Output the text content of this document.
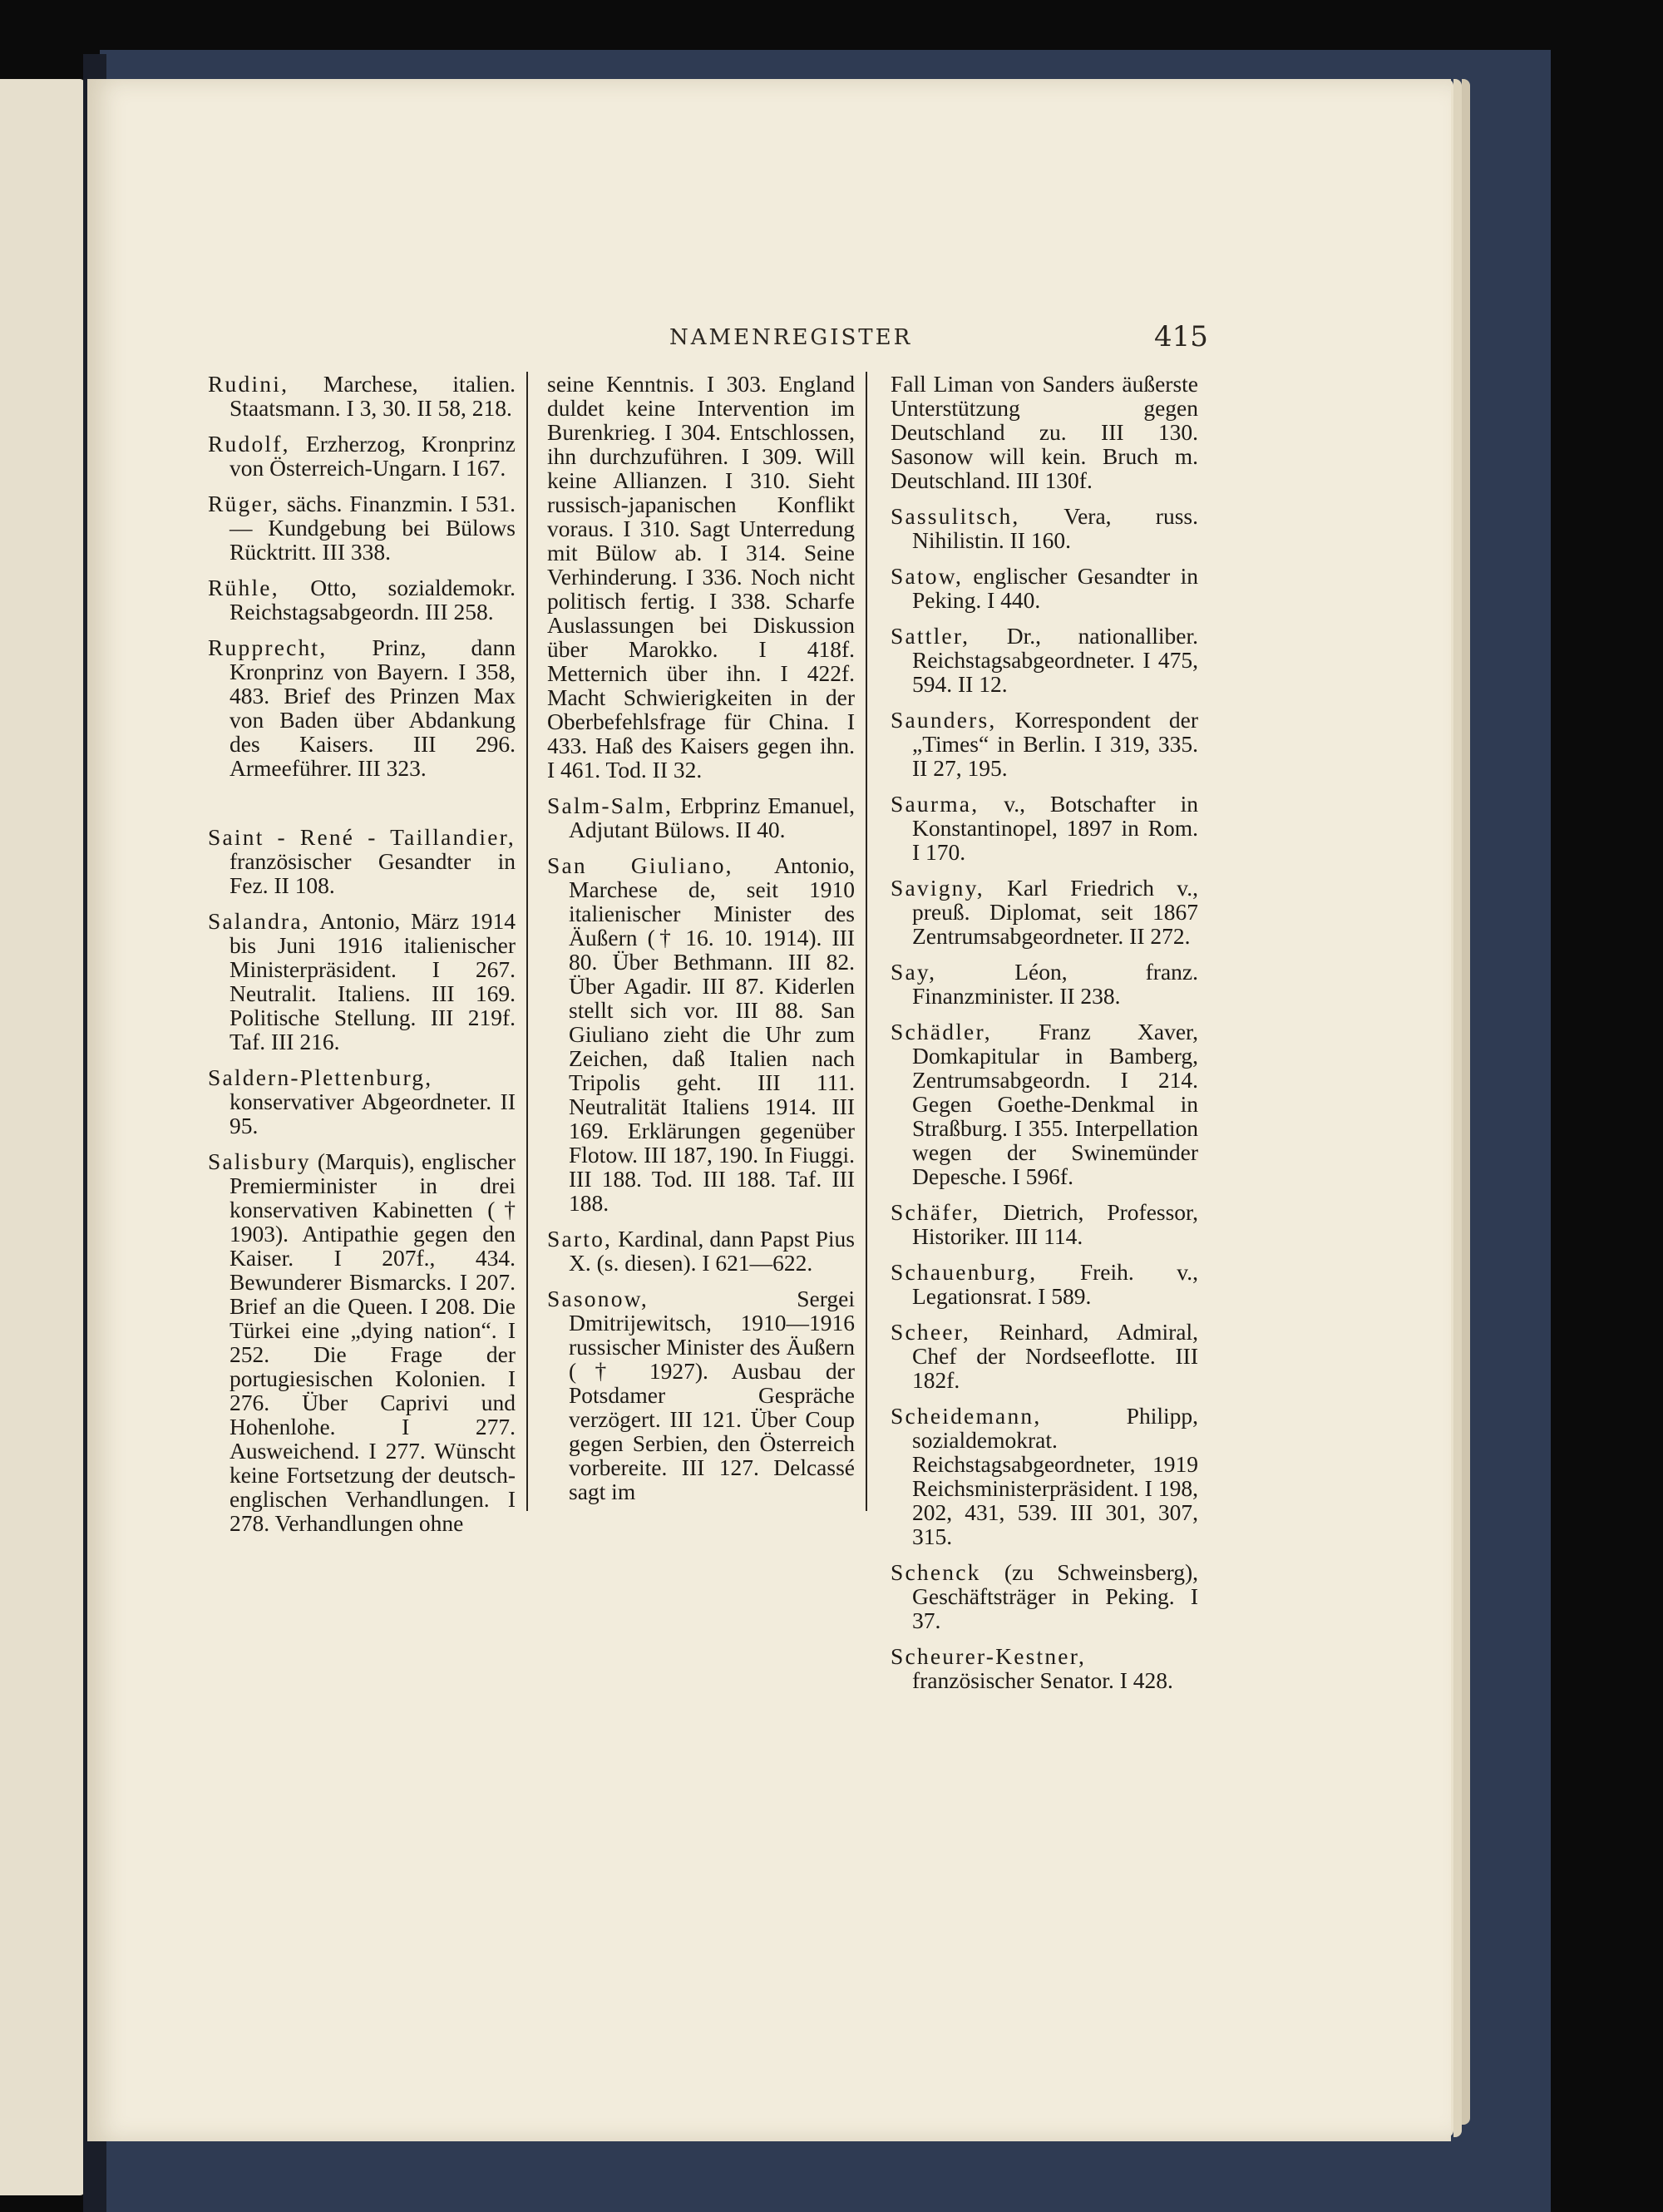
NAMENREGISTER	415

Rudini, Marchese, italien. Staatsmann. I 3, 30. II 58, 218.

Rudolf, Erzherzog, Kronprinz von Österreich-Ungarn. I 167.

Rüger, sächs. Finanzmin. I 531. — Kundgebung bei Bülows Rücktritt. III 338.

Rühle, Otto, sozialdemokr. Reichstagsabgeordn. III 258.

Rupprecht, Prinz, dann Kronprinz von Bayern. I 358, 483. Brief des Prinzen Max von Baden über Abdankung des Kaisers. III 296. Armeeführer. III 323.

Saint - René - Taillandier, französischer Gesandter in Fez. II 108.

Salandra, Antonio, März 1914 bis Juni 1916 italienischer Ministerpräsident. I 267. Neutralit. Italiens. III 169. Politische Stellung. III 219f. Taf. III 216.

Saldern-Plettenburg, konservativer Abgeordneter. II 95.

Salisbury (Marquis), englischer Premierminister in drei konservativen Kabinetten († 1903). Antipathie gegen den Kaiser. I 207f., 434. Bewunderer Bismarcks. I 207. Brief an die Queen. I 208. Die Türkei eine „dying nation“. I 252. Die Frage der portugiesischen Kolonien. I 276. Über Caprivi und Hohenlohe. I 277. Ausweichend. I 277. Wünscht keine Fortsetzung der deutsch-englischen Verhandlungen. I 278. Verhandlungen ohne

seine Kenntnis. I 303. England duldet keine Intervention im Burenkrieg. I 304. Entschlossen, ihn durchzuführen. I 309. Will keine Allianzen. I 310. Sieht russisch-japanischen Konflikt voraus. I 310. Sagt Unterredung mit Bülow ab. I 314. Seine Verhinderung. I 336. Noch nicht politisch fertig. I 338. Scharfe Auslassungen bei Diskussion über Marokko. I 418f. Metternich über ihn. I 422f. Macht Schwierigkeiten in der Oberbefehlsfrage für China. I 433. Haß des Kaisers gegen ihn. I 461. Tod. II 32.

Salm-Salm, Erbprinz Emanuel, Adjutant Bülows. II 40.

San Giuliano, Antonio, Marchese de, seit 1910 italienischer Minister des Äußern († 16. 10. 1914). III 80. Über Bethmann. III 82. Über Agadir. III 87. Kiderlen stellt sich vor. III 88. San Giuliano zieht die Uhr zum Zeichen, daß Italien nach Tripolis geht. III 111. Neutralität Italiens 1914. III 169. Erklärungen gegenüber Flotow. III 187, 190. In Fiuggi. III 188. Tod. III 188. Taf. III 188.

Sarto, Kardinal, dann Papst Pius X. (s. diesen). I 621—622.

Sasonow,	Sergei Dmitrijewitsch, 1910—1916 russischer Minister des Äußern († 1927). Ausbau der Potsdamer Gespräche verzögert. III 121. Über Coup gegen Serbien, den Österreich vorbereite. III 127. Delcassé sagt im

Fall Liman von Sanders äußerste Unterstützung gegen Deutschland zu. III 130. Sasonow will kein. Bruch m. Deutschland. III 130f.

Sassulitsch, Vera, russ. Nihilistin. II 160.

Satow, englischer Gesandter in Peking. I 440.

Sattler, Dr., nationalliber. Reichstagsabgeordneter. I 475, 594. II 12.

Saunders, Korrespondent der „Times“ in Berlin. I 319, 335. II 27, 195.

Saurma, v., Botschafter in Konstantinopel, 1897 in Rom. I 170.

Savigny, Karl Friedrich v., preuß. Diplomat, seit 1867 Zentrumsabgeordneter. II 272.

Say,	Léon, franz. Finanzminister. II 238.

Schädler, Franz Xaver, Domkapitular in Bamberg, Zentrumsabgeordn. I 214. Gegen Goethe-Denkmal in Straßburg. I 355. Interpellation wegen der Swinemünder Depesche. I 596f.

Schäfer, Dietrich, Professor, Historiker. III 114.

Schauenburg, Freih. v., Legationsrat. I 589.

Scheer, Reinhard, Admiral, Chef der Nordseeflotte. III 182f.

Scheidemann,	Philipp, sozialdemokrat. Reichstagsabgeordneter, 1919 Reichsministerpräsident. I 198, 202, 431, 539. III 301, 307, 315.

Schenck (zu Schweinsberg), Geschäftsträger in Peking. I 37.

Scheurer-Kestner, französischer Senator. I 428.
